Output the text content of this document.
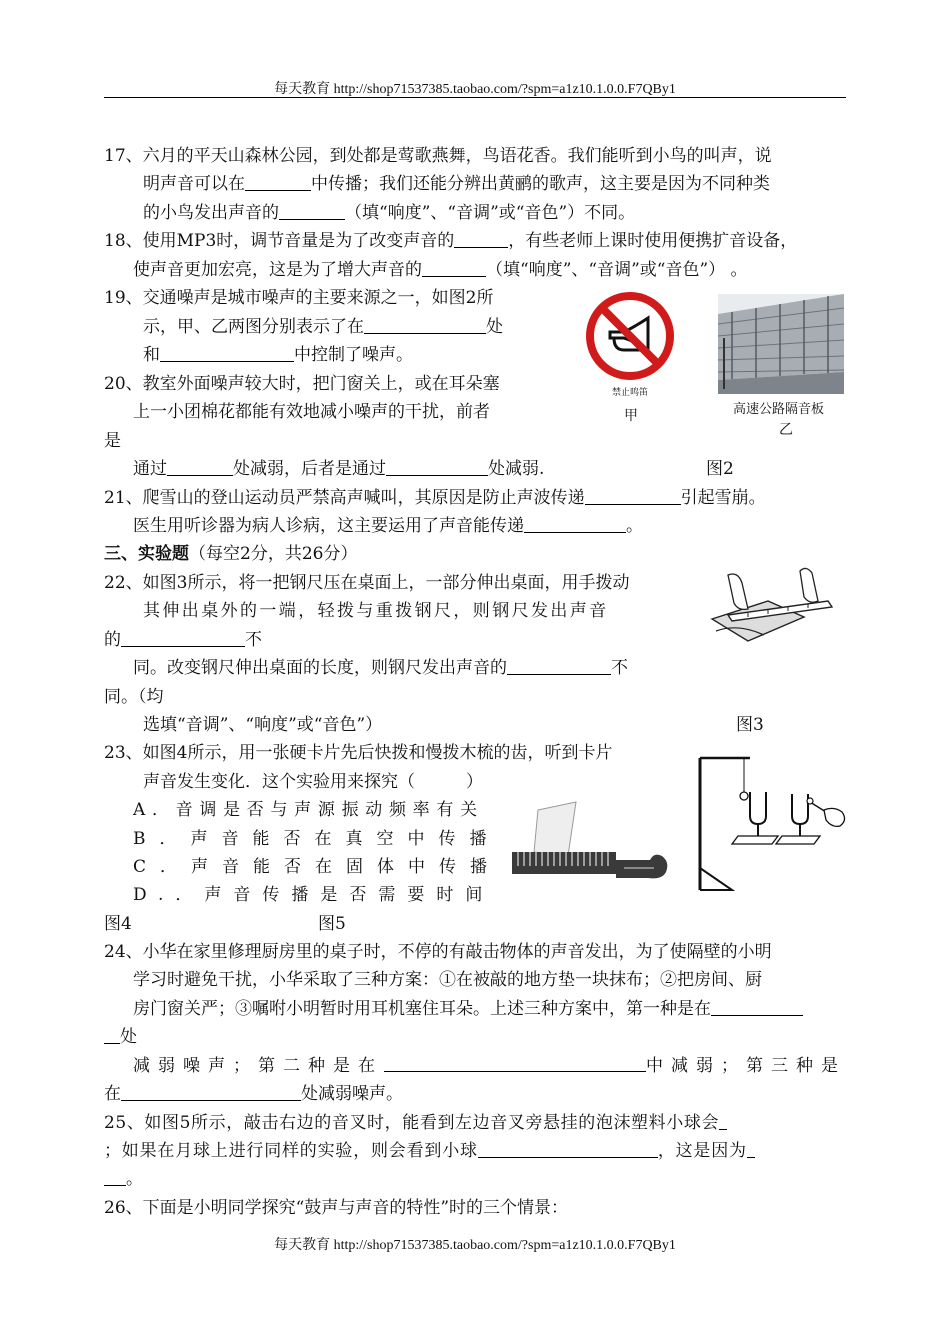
每天教育 http://shop71537385.taobao.com/?spm=a1z10.1.0.0.F7QBy1
17、六月的平天山森林公园，到处都是莺歌燕舞，鸟语花香。我们能听到小鸟的叫声，说
明声音可以在	中传播；我们还能分辨出黄鹂的歌声，这主要是因为不同种类
的小鸟发出声音的	（填“响度”、“音调”或“音色”）不同。
18、使用MP3时，调节音量是为了改变声音的	，有些老师上课时使用便携扩音设备，
使声音更加宏亮，这是为了增大声音的	（填“响度”、“音调”或“音色”） 。
19、交通噪声是城市噪声的主要来源之一，如图2所
示，甲、乙两图分别表示了在	处
和	中控制了噪声。
20、教室外面噪声较大时，把门窗关上，或在耳朵塞
上一小团棉花都能有效地减小噪声的干扰，前者
是
通过	处减弱，后者是通过	处减弱.
禁止鸣笛
甲	高速公路隔音板
乙
图2
21、爬雪山的登山运动员严禁高声喊叫，其原因是防止声波传递	引起雪崩。
医生用听诊器为病人诊病，这主要运用了声音能传递	。
三、实验题（每空2分，共26分）
22、如图3所示，将一把钢尺压在桌面上，一部分伸出桌面，用手拨动
其伸出桌外的一端，轻拨与重拨钢尺，则钢尺发出声音
的	不
同。改变钢尺伸出桌面的长度，则钢尺发出声音的	不
同。（均
选填“音调”、“响度”或“音色”）	图3
23、如图4所示，用一张硬卡片先后快拨和慢拨木梳的齿，听到卡片
声音发生变化．这个实验用来探究（　　　）
A．音调是否与声源振动频率有关
B．声音能否在真空中传播
C．声音能否在固体中传播
D.．声音传播是否需要时间
图4	图5
24、小华在家里修理厨房里的桌子时，不停的有敲击物体的声音发出，为了使隔壁的小明
学习时避免干扰，小华采取了三种方案：①在被敲的地方垫一块抹布；②把房间、厨
房门窗关严；③嘱咐小明暂时用耳机塞住耳朵。上述三种方案中，第一种是在
处
减弱噪声；第二种是在	中减弱；第三种是
在	处减弱噪声。
25、如图5所示，敲击右边的音叉时，能看到左边音叉旁悬挂的泡沫塑料小球会
；如果在月球上进行同样的实验，则会看到小球	，这是因为
。
26、下面是小明同学探究“鼓声与声音的特性”时的三个情景：
每天教育 http://shop71537385.taobao.com/?spm=a1z10.1.0.0.F7QBy1
